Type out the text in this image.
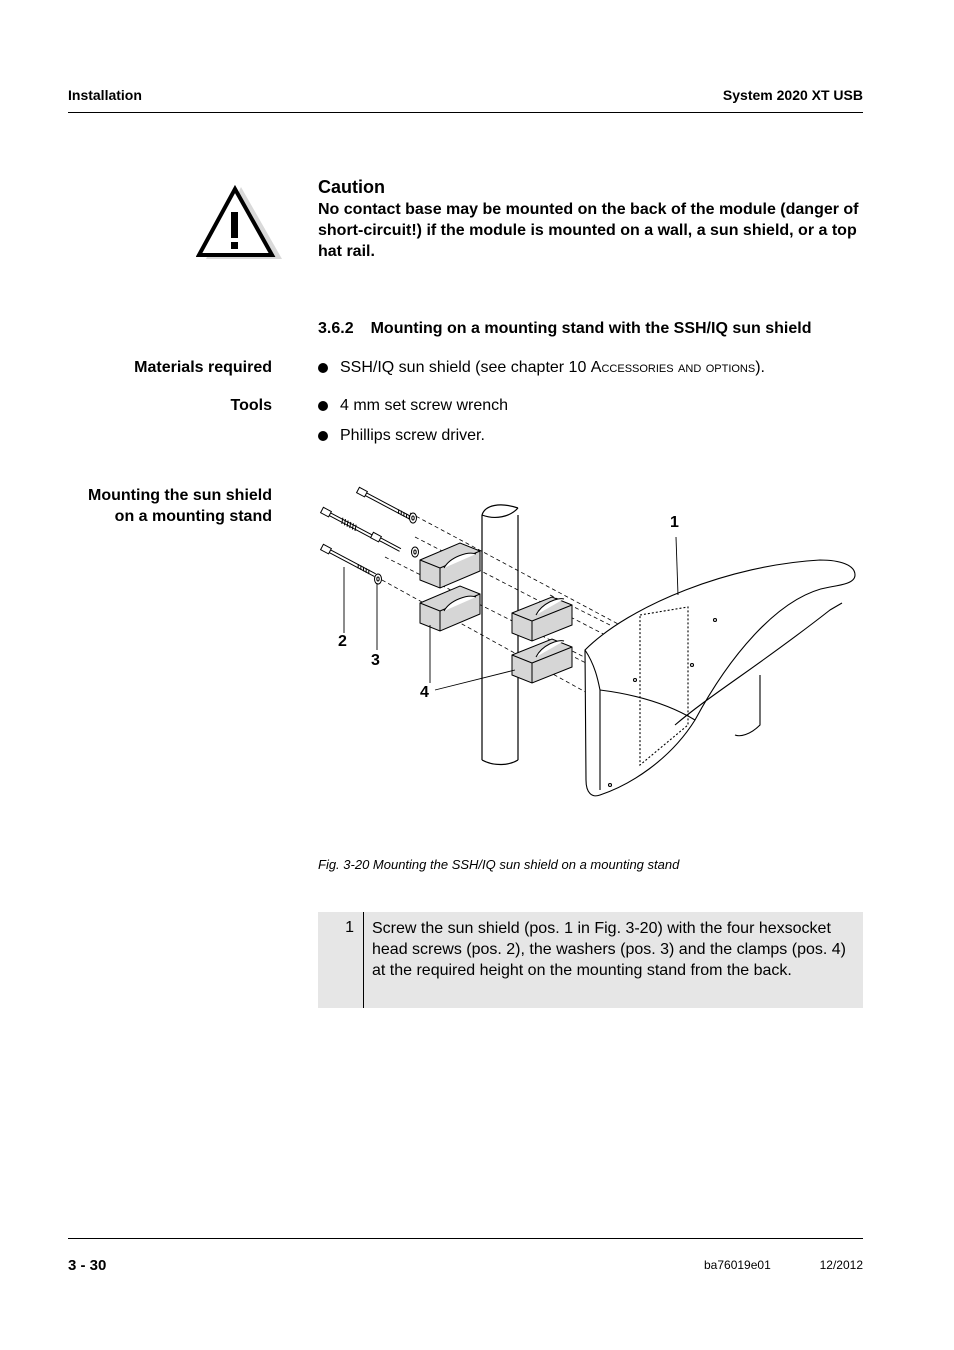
Installation	System 2020 XT USB
Caution
No contact base may be mounted on the back of the module (danger of short-circuit!) if the module is mounted on a wall, a sun shield, or a top hat rail.
3.6.2 Mounting on a mounting stand with the SSH/IQ sun shield
Materials required	SSH/IQ sun shield (see chapter 10 Accessories and options).
Tools	4 mm set screw wrench
Phillips screw driver.
Mounting the sun shield
on a mounting stand	1
2
3
4
Fig. 3-20 Mounting the SSH/IQ sun shield on a mounting stand
1 Screw the sun shield (pos. 1 in Fig. 3-20) with the four hexsocket head screws (pos. 2), the washers (pos. 3) and the clamps (pos. 4) at the required height on the mounting stand from the back.
3 - 30	ba76019e01	12/2012
